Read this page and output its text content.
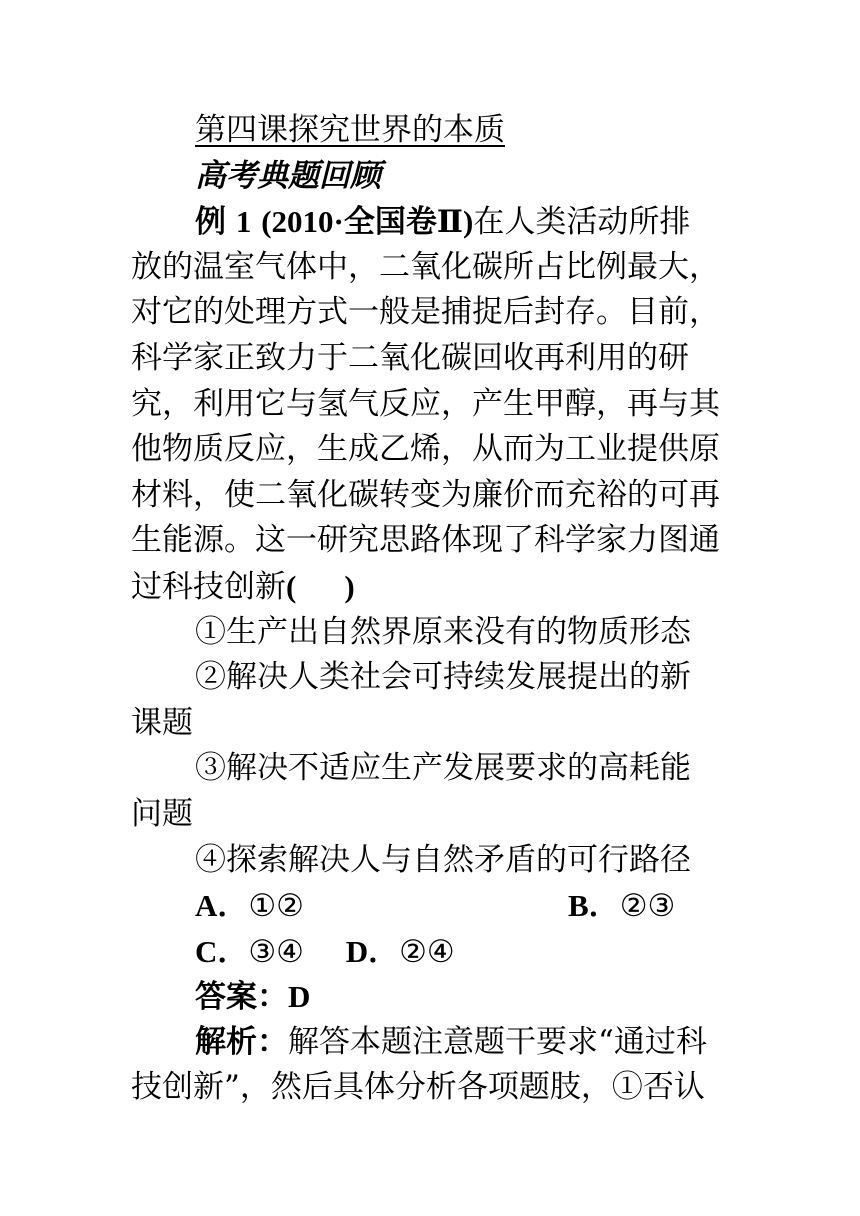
第四课探究世界的本质
高考典题回顾
例 1 (2010·全国卷Ⅱ)在人类活动所排
放的温室气体中，二氧化碳所占比例最大，
对它的处理方式一般是捕捉后封存。目前，
科学家正致力于二氧化碳回收再利用的研
究，利用它与氢气反应，产生甲醇，再与其
他物质反应，生成乙烯，从而为工业提供原
材料，使二氧化碳转变为廉价而充裕的可再
生能源。这一研究思路体现了科学家力图通
过科技创新( )
①生产出自然界原来没有的物质形态
②解决人类社会可持续发展提出的新
课题
③解决不适应生产发展要求的高耗能
问题
④探索解决人与自然矛盾的可行路径
A．①②	B．②③
C．③④ D．②④
答案：D
解析：解答本题注意题干要求“通过科
技创新”，然后具体分析各项题肢，①否认
